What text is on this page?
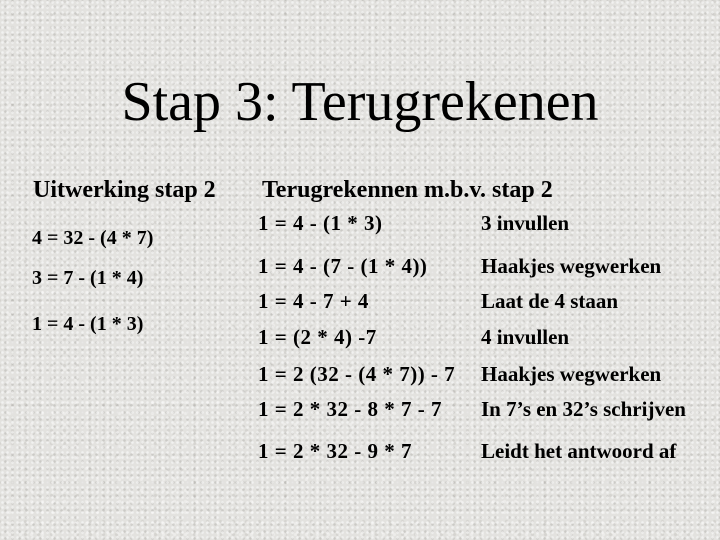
Stap 3: Terugrekenen
Uitwerking stap 2 Terugrekennen m.b.v. stap 2
4 = 32 - (4 * 7)
3 = 7 - (1 * 4)
1 = 4 - (1 * 3)
1 = 4 - (1 * 3)	3 invullen
1 = 4 - (7 - (1 * 4))	Haakjes wegwerken
1 = 4 - 7 + 4	Laat de 4 staan
1 = (2 * 4) -7	4 invullen
1 = 2 (32 - (4 * 7)) - 7 Haakjes wegwerken
1 = 2 * 32 - 8 * 7 - 7 In 7’s en 32’s schrijven
1 = 2 * 32 - 9 * 7	Leidt het antwoord af
